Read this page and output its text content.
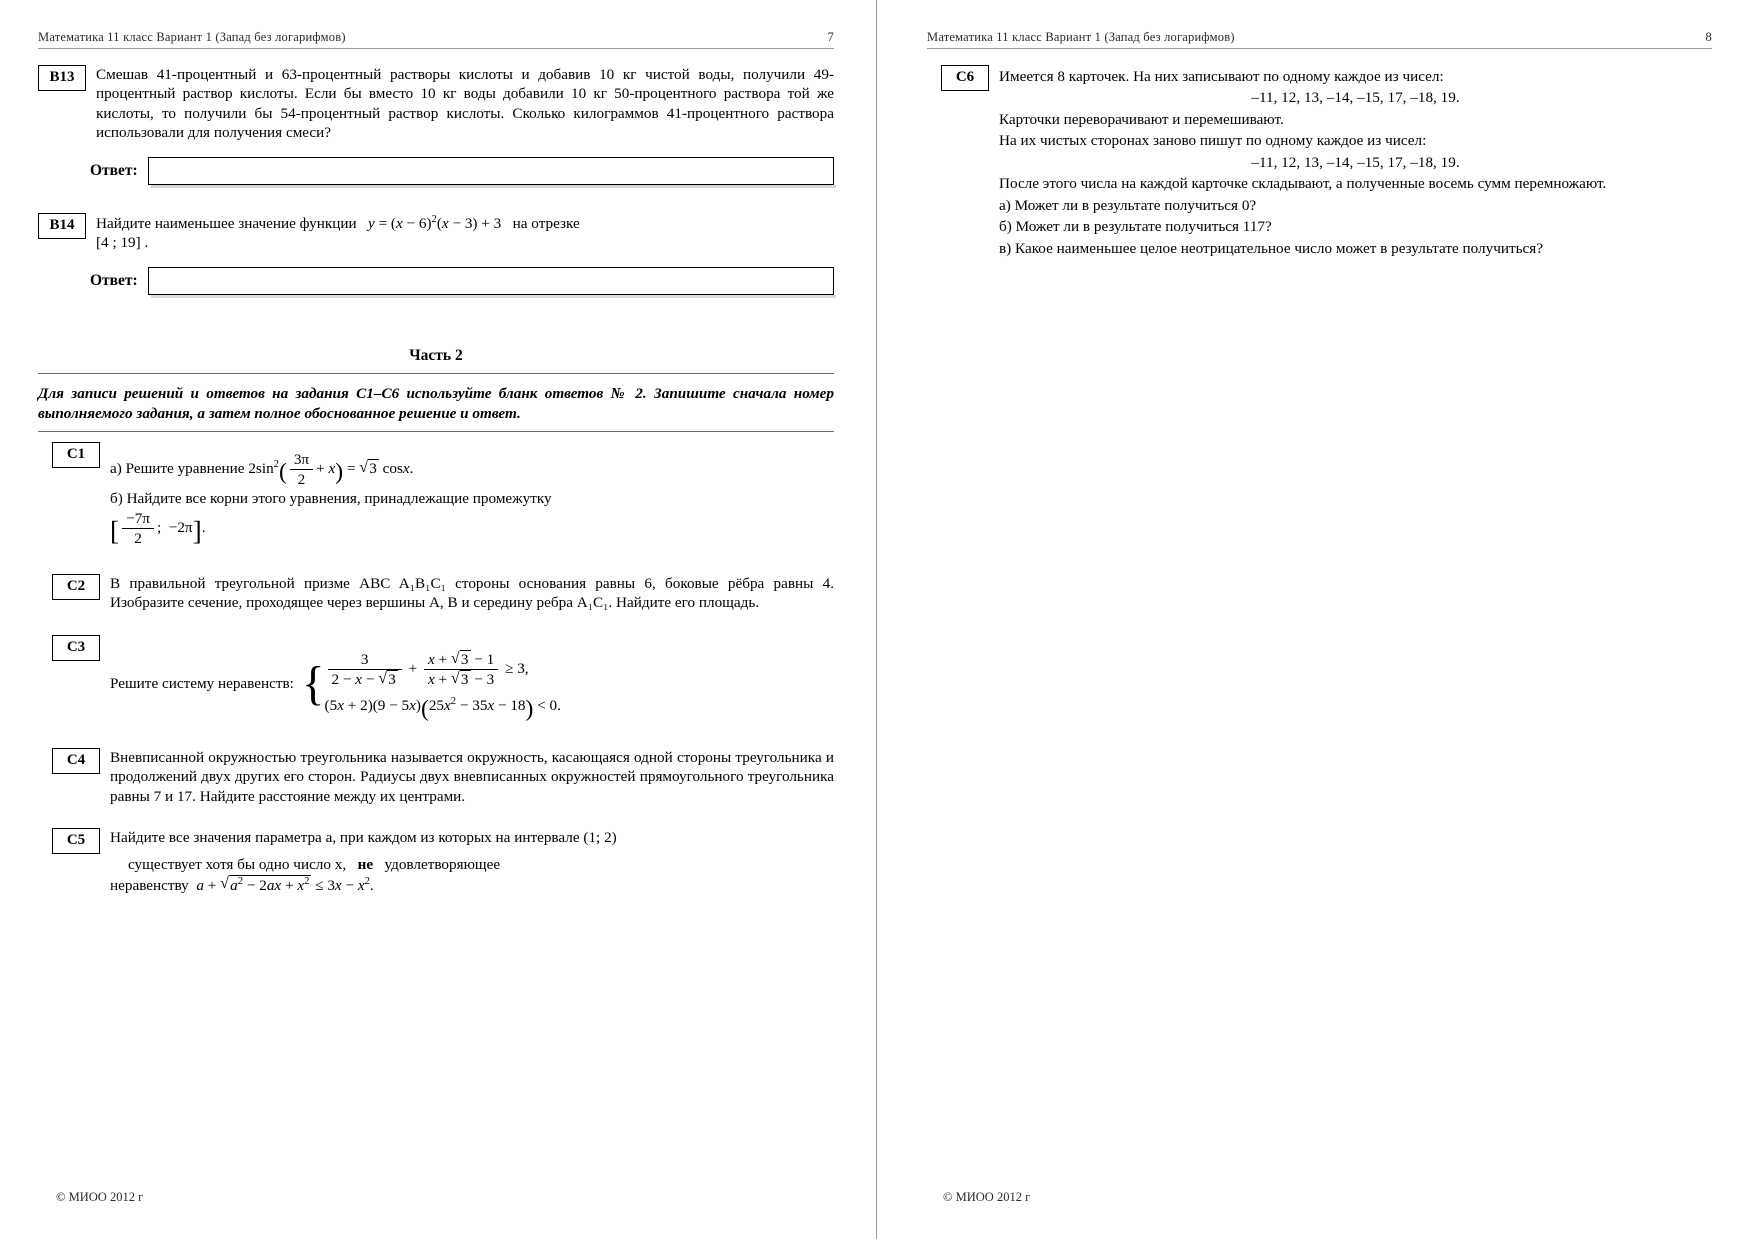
Математика 11 класс Вариант 1 (Запад без логарифмов)	7
B13	Смешав 41-процентный и 63-процентный растворы кислоты и добавив 10 кг чистой воды, получили 49-процентный раствор кислоты. Если бы вместо 10 кг воды добавили 10 кг 50-процентного раствора той же кислоты, то получили бы 54-процентный раствор кислоты. Сколько килограммов 41-процентного раствора использовали для получения смеси?
Ответ:
B14	Найдите наименьшее значение функции $y = (x - 6)^2(x - 3) + 3$ на отрезке

[4 ; 19] .

Ответ:
Часть 2
Для записи решений и ответов на задания С1–С6 используйте бланк ответов № 2. Запишите сначала номер выполняемого задания, а затем полное обоснованное решение и ответ.
C1

а) Решите уравнение $2\sin^2( \frac{3\pi}{2} + x)$ = √ 3 cosx.

б) Найдите все корни этого уравнения, принадлежащие промежутку

[ $\frac{-7\pi}{2}$ ;  −2π].

C2	В правильной треугольной призме ABC A₁B₁C₁ стороны основания равны 6, боковые рёбра равны 4. Изобразите сечение, проходящее через вершины A, B и середину ребра A₁C₁. Найдите его площадь.
C3
Решите систему неравенств: { $\frac{3}{2 - x - √ 3} + \frac{x + √ 3 - 1}{x + √ 3 - 3} \ge 3$,
$(5x + 2)(9 - 5x)(25x^2 - 35x - 18) < 0$.
C4	Вневписанной окружностью треугольника называется окружность, касающаяся одной стороны треугольника и продолжений двух других его сторон. Радиусы двух вневписанных окружностей прямоугольного треугольника равны 7 и 17. Найдите расстояние между их центрами.
C5	Найдите все значения параметра a, при каждом из которых на интервале (1; 2)

существует хотя бы одно число x, не удовлетворяющее

неравенству a + √ $a^2 - 2ax + x^2 \le 3x - x^2$.

© МИОО 2012 г
Математика 11 класс Вариант 1 (Запад без логарифмов)	8
C6	Имеется 8 карточек. На них записывают по одному каждое из чисел:

–11, 12, 13, –14, –15, 17, –18, 19.

Карточки переворачивают и перемешивают.

На их чистых сторонах заново пишут по одному каждое из чисел:

–11, 12, 13, –14, –15, 17, –18, 19.

После этого числа на каждой карточке складывают, а полученные восемь сумм перемножают.

а) Может ли в результате получиться 0?

б) Может ли в результате получиться 117?

в) Какое наименьшее целое неотрицательное число может в результате получиться?

© МИОО 2012 г
